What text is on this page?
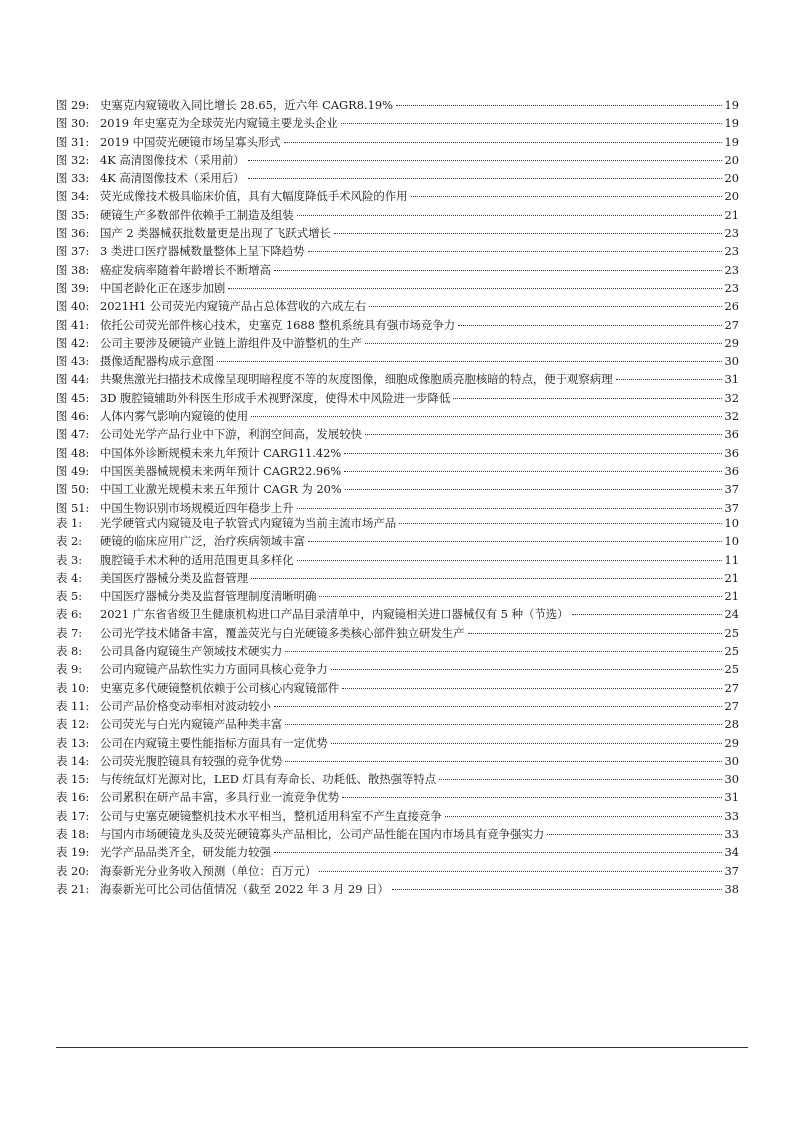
图 29: 史塞克内窥镜收入同比增长 28.65，近六年 CAGR8.19%	19
图 30: 2019 年史塞克为全球荧光内窥镜主要龙头企业	19
图 31: 2019 中国荧光硬镜市场呈寡头形式	19
图 32: 4K 高清图像技术（采用前）	20
图 33: 4K 高清图像技术（采用后）	20
图 34: 荧光成像技术极具临床价值，具有大幅度降低手术风险的作用	20
图 35: 硬镜生产多数部件依赖手工制造及组装	21
图 36: 国产 2 类器械获批数量更是出现了飞跃式增长	23
图 37: 3 类进口医疗器械数量整体上呈下降趋势	23
图 38: 癌症发病率随着年龄增长不断增高	23
图 39: 中国老龄化正在逐步加剧	23
图 40: 2021H1 公司荧光内窥镜产品占总体营收的六成左右	26
图 41: 依托公司荧光部件核心技术，史塞克 1688 整机系统具有强市场竞争力	27
图 42: 公司主要涉及硬镜产业链上游组件及中游整机的生产	29
图 43: 摄像适配器构成示意图	30
图 44: 共聚焦激光扫描技术成像呈现明暗程度不等的灰度图像，细胞成像胞质亮胞核暗的特点，便于观察病理	31
图 45: 3D 腹腔镜辅助外科医生形成手术视野深度，使得术中风险进一步降低	32
图 46: 人体内雾气影响内窥镜的使用	32
图 47: 公司处光学产品行业中下游，利润空间高，发展较快	36
图 48: 中国体外诊断规模未来九年预计 CARG11.42%	36
图 49: 中国医美器械规模未来两年预计 CAGR22.96%	36
图 50: 中国工业激光规模未来五年预计 CAGR 为 20%	37
图 51: 中国生物识别市场规模近四年稳步上升	37
表 1:	光学硬管式内窥镜及电子软管式内窥镜为当前主流市场产品	10
表 2:	硬镜的临床应用广泛，治疗疾病领域丰富	10
表 3:	腹腔镜手术术种的适用范围更具多样化	11
表 4:	美国医疗器械分类及监督管理	21
表 5:	中国医疗器械分类及监督管理制度清晰明确	21
表 6:	2021 广东省省级卫生健康机构进口产品目录清单中，内窥镜相关进口器械仅有 5 种（节选）	24
表 7:	公司光学技术储备丰富，覆盖荧光与白光硬镜多类核心部件独立研发生产	25
表 8:	公司具备内窥镜生产领域技术硬实力	25
表 9:	公司内窥镜产品软性实力方面同具核心竞争力	25
表 10: 史塞克多代硬镜整机依赖于公司核心内窥镜部件	27
表 11: 公司产品价格变动率相对波动较小	27
表 12: 公司荧光与白光内窥镜产品种类丰富	28
表 13: 公司在内窥镜主要性能指标方面具有一定优势	29
表 14: 公司荧光腹腔镜具有较强的竞争优势	30
表 15: 与传统氙灯光源对比，LED 灯具有寿命长、功耗低、散热强等特点	30
表 16: 公司累积在研产品丰富，多具行业一流竞争优势	31
表 17: 公司与史塞克硬镜整机技术水平相当，整机适用科室不产生直接竞争	33
表 18: 与国内市场硬镜龙头及荧光硬镜寡头产品相比，公司产品性能在国内市场具有竞争强实力	33
表 19: 光学产品品类齐全，研发能力较强	34
表 20: 海泰新光分业务收入预测（单位：百万元）	37
表 21: 海泰新光可比公司估值情况（截至 2022 年 3 月 29 日）	38
